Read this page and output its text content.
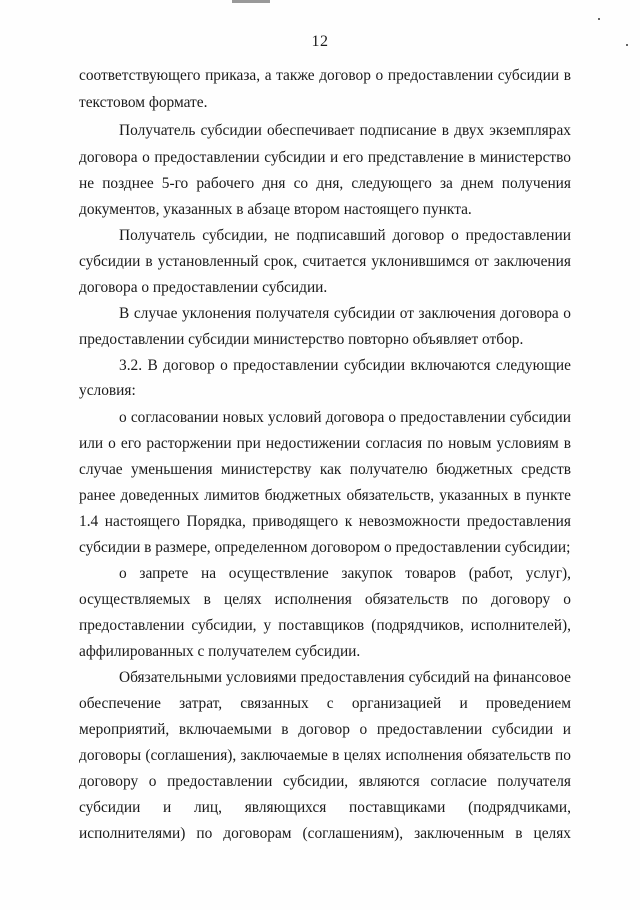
12
соответствующего приказа, а также договор о предоставлении субсидии в
текстовом формате.
Получатель субсидии обеспечивает подписание в двух экземплярах
договора о предоставлении субсидии и его представление в министерство
не позднее 5-го рабочего дня со дня, следующего за днем получения
документов, указанных в абзаце втором настоящего пункта.
Получатель субсидии, не подписавший договор о предоставлении
субсидии в установленный срок, считается уклонившимся от заключения
договора о предоставлении субсидии.
В случае уклонения получателя субсидии от заключения договора о
предоставлении субсидии министерство повторно объявляет отбор.
3.2. В договор о предоставлении субсидии включаются следующие
условия:
о согласовании новых условий договора о предоставлении субсидии
или о его расторжении при недостижении согласия по новым условиям в
случае уменьшения министерству как получателю бюджетных средств
ранее доведенных лимитов бюджетных обязательств, указанных в пункте
1.4 настоящего Порядка, приводящего к невозможности предоставления
субсидии в размере, определенном договором о предоставлении субсидии;
о запрете на осуществление закупок товаров (работ, услуг),
осуществляемых в целях исполнения обязательств по договору о
предоставлении субсидии, у поставщиков (подрядчиков, исполнителей),
аффилированных с получателем субсидии.
Обязательными условиями предоставления субсидий на финансовое
обеспечение затрат, связанных с организацией и проведением
мероприятий, включаемыми в договор о предоставлении субсидии и
договоры (соглашения), заключаемые в целях исполнения обязательств по
договору о предоставлении субсидии, являются согласие получателя
субсидии и лиц, являющихся поставщиками (подрядчиками,
исполнителями) по договорам (соглашениям), заключенным в целях
